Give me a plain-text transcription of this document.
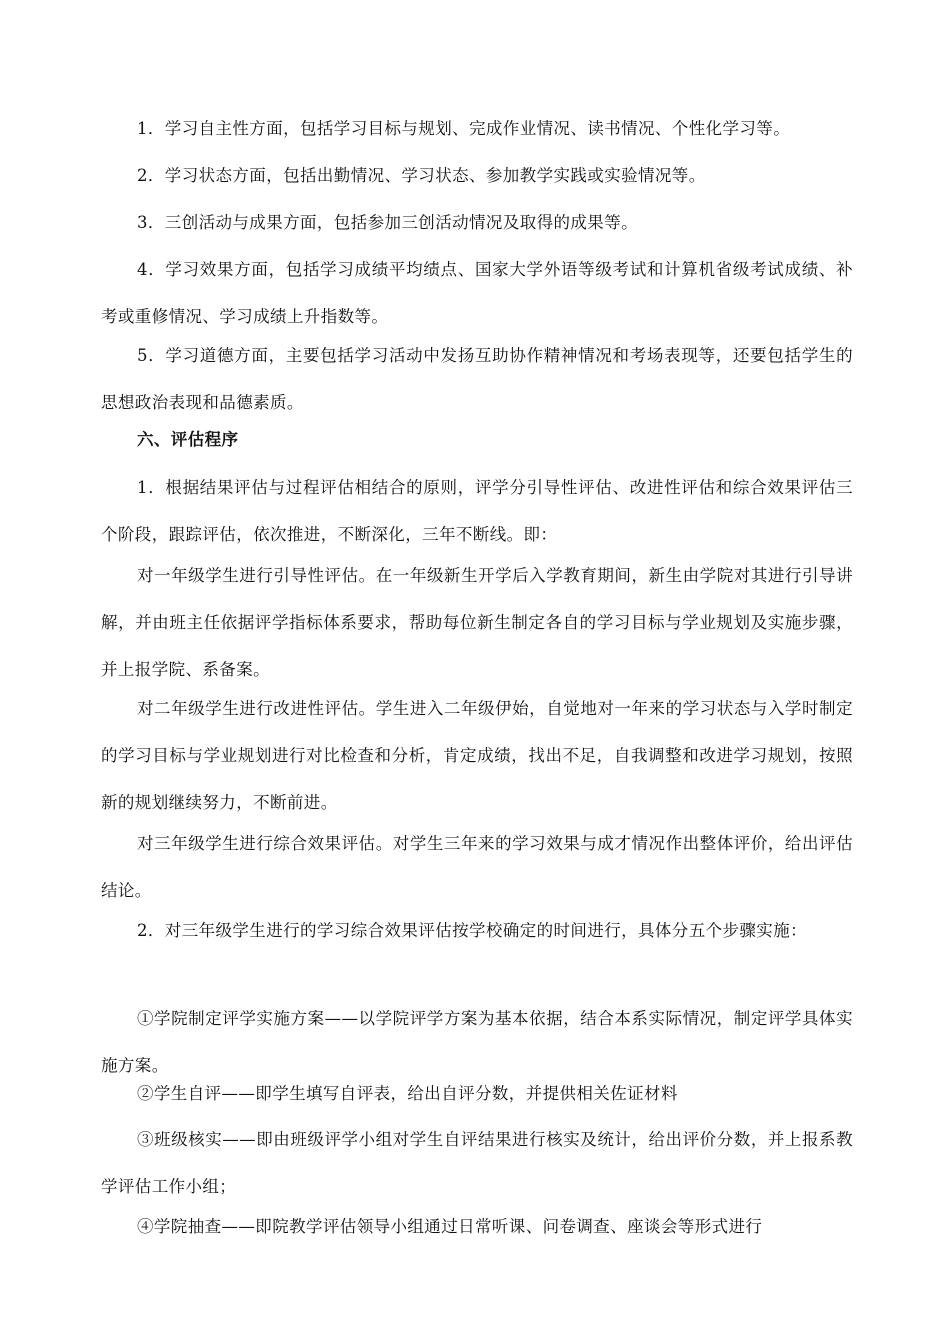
1．学习自主性方面，包括学习目标与规划、完成作业情况、读书情况、个性化学习等。

2．学习状态方面，包括出勤情况、学习状态、参加教学实践或实验情况等。

3．三创活动与成果方面，包括参加三创活动情况及取得的成果等。

4．学习效果方面，包括学习成绩平均绩点、国家大学外语等级考试和计算机省级考试成绩、补考或重修情况、学习成绩上升指数等。

5．学习道德方面，主要包括学习活动中发扬互助协作精神情况和考场表现等，还要包括学生的思想政治表现和品德素质。

六、评估程序

1．根据结果评估与过程评估相结合的原则，评学分引导性评估、改进性评估和综合效果评估三个阶段，跟踪评估，依次推进，不断深化，三年不断线。即：

对一年级学生进行引导性评估。在一年级新生开学后入学教育期间，新生由学院对其进行引导讲解，并由班主任依据评学指标体系要求，帮助每位新生制定各自的学习目标与学业规划及实施步骤，并上报学院、系备案。

对二年级学生进行改进性评估。学生进入二年级伊始，自觉地对一年来的学习状态与入学时制定的学习目标与学业规划进行对比检查和分析，肯定成绩，找出不足，自我调整和改进学习规划，按照新的规划继续努力，不断前进。

对三年级学生进行综合效果评估。对学生三年来的学习效果与成才情况作出整体评价，给出评估结论。

2．对三年级学生进行的学习综合效果评估按学校确定的时间进行，具体分五个步骤实施：

①学院制定评学实施方案——以学院评学方案为基本依据，结合本系实际情况，制定评学具体实施方案。

②学生自评——即学生填写自评表，给出自评分数，并提供相关佐证材料

③班级核实——即由班级评学小组对学生自评结果进行核实及统计，给出评价分数，并上报系教学评估工作小组；

④学院抽查——即院教学评估领导小组通过日常听课、问卷调查、座谈会等形式进行
